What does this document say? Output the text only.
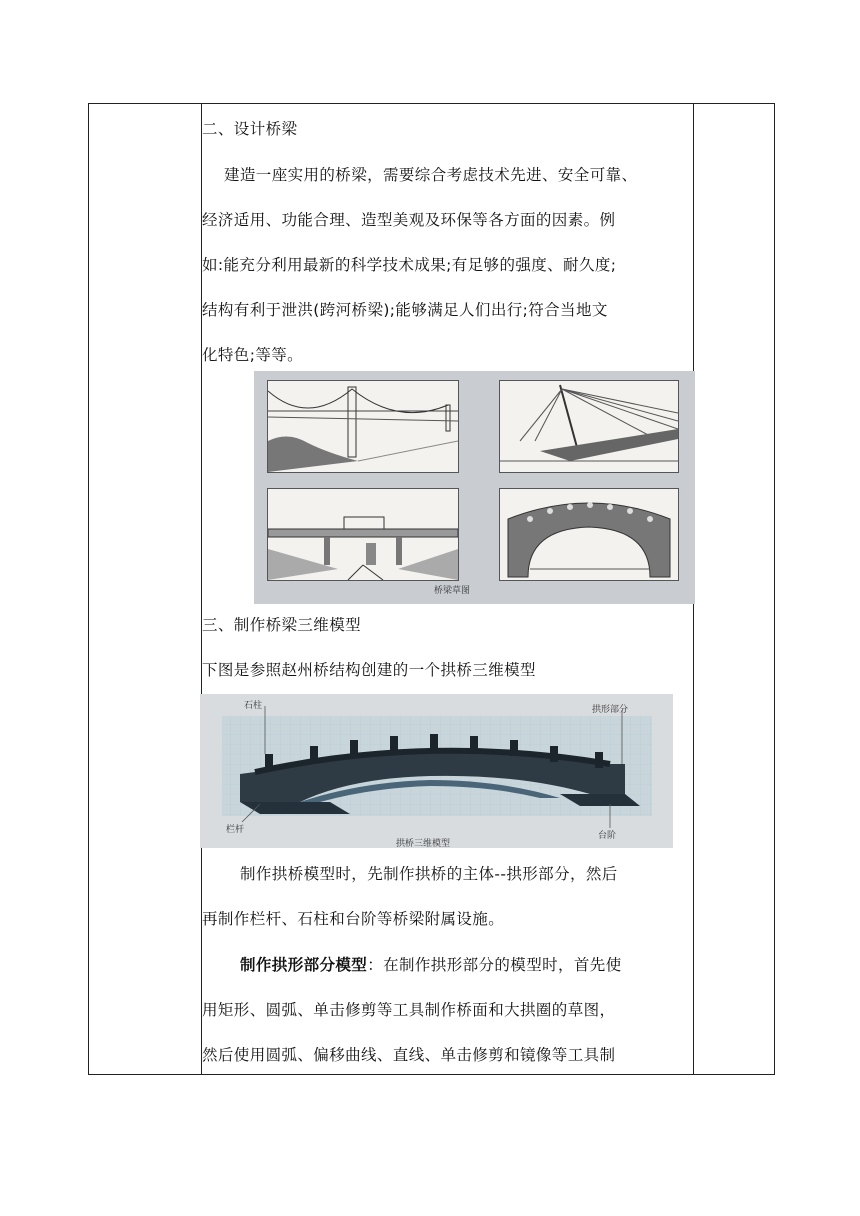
二、设计桥梁
建造一座实用的桥梁，需要综合考虑技术先进、安全可靠、
经济适用、功能合理、造型美观及环保等各方面的因素。例
如:能充分利用最新的科学技术成果;有足够的强度、耐久度;
结构有利于泄洪(跨河桥梁);能够满足人们出行;符合当地文
化特色;等等。
三、制作桥梁三维模型
下图是参照赵州桥结构创建的一个拱桥三维模型
制作拱桥模型时，先制作拱桥的主体--拱形部分，然后
再制作栏杆、石柱和台阶等桥梁附属设施。
制作拱形部分模型：在制作拱形部分的模型时，首先使
用矩形、圆弧、单击修剪等工具制作桥面和大拱圈的草图，
然后使用圆弧、偏移曲线、直线、单击修剪和镜像等工具制
桥梁草图
石柱	拱形部分
栏杆
台阶
拱桥三维模型
